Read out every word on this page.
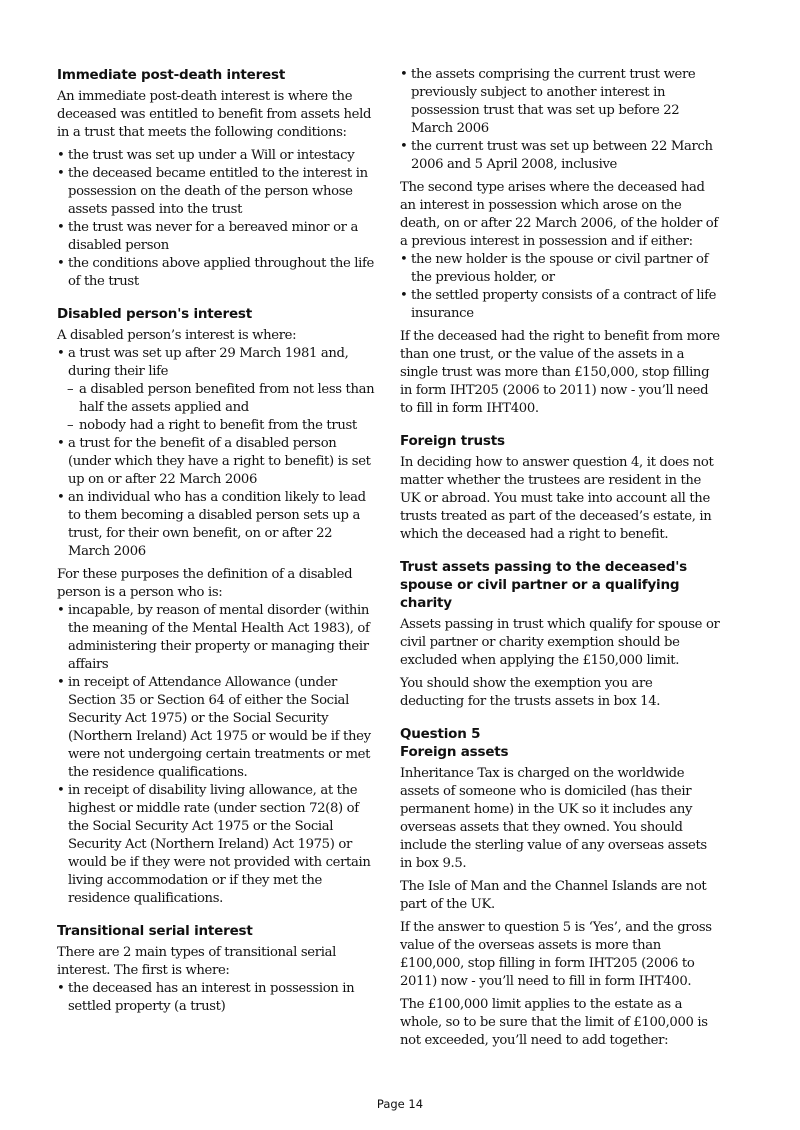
Immediate post-death interest

An immediate post-death interest is where the deceased was entitled to benefit from assets held in a trust that meets the following conditions:

• the trust was set up under a Will or intestacy
• the deceased became entitled to the interest in possession on the death of the person whose assets passed into the trust
• the trust was never for a bereaved minor or a disabled person
• the conditions above applied throughout the life of the trust
Disabled person's interest

A disabled person’s interest is where:

• a trust was set up after 29 March 1981 and, during their life
– a disabled person benefited from not less than half the assets applied and
– nobody had a right to benefit from the trust
• a trust for the benefit of a disabled person (under which they have a right to benefit) is set up on or after 22 March 2006
• an individual who has a condition likely to lead to them becoming a disabled person sets up a trust, for their own benefit, on or after 22 March 2006

For these purposes the definition of a disabled person is a person who is:

• incapable, by reason of mental disorder (within the meaning of the Mental Health Act 1983), of administering their property or managing their affairs
• in receipt of Attendance Allowance (under Section 35 or Section 64 of either the Social Security Act 1975) or the Social Security (Northern Ireland) Act 1975 or would be if they were not undergoing certain treatments or met the residence qualifications.
• in receipt of disability living allowance, at the highest or middle rate (under section 72(8) of the Social Security Act 1975 or the Social Security Act (Northern Ireland) Act 1975) or would be if they were not provided with certain living accommodation or if they met the residence qualifications.
Transitional serial interest

There are 2 main types of transitional serial interest. The first is where:

• the deceased has an interest in possession in settled property (a trust)
• the assets comprising the current trust were previously subject to another interest in possession trust that was set up before 22 March 2006
• the current trust was set up between 22 March 2006 and 5 April 2008, inclusive

The second type arises where the deceased had an interest in possession which arose on the death, on or after 22 March 2006, of the holder of a previous interest in possession and if either:

• the new holder is the spouse or civil partner of the previous holder, or
• the settled property consists of a contract of life insurance

If the deceased had the right to benefit from more than one trust, or the value of the assets in a single trust was more than £150,000, stop filling in form IHT205 (2006 to 2011) now - you’ll need to fill in form IHT400.

Foreign trusts

In deciding how to answer question 4, it does not matter whether the trustees are resident in the UK or abroad. You must take into account all the trusts treated as part of the deceased’s estate, in which the deceased had a right to benefit.

Trust assets passing to the deceased's spouse or civil partner or a qualifying charity

Assets passing in trust which qualify for spouse or civil partner or charity exemption should be excluded when applying the £150,000 limit.

You should show the exemption you are deducting for the trusts assets in box 14.

Question 5
Foreign assets

Inheritance Tax is charged on the worldwide assets of someone who is domiciled (has their permanent home) in the UK so it includes any overseas assets that they owned. You should include the sterling value of any overseas assets in box 9.5.

The Isle of Man and the Channel Islands are not part of the UK.

If the answer to question 5 is ‘Yes’, and the gross value of the overseas assets is more than £100,000, stop filling in form IHT205 (2006 to 2011) now - you’ll need to fill in form IHT400.

The £100,000 limit applies to the estate as a whole, so to be sure that the limit of £100,000 is not exceeded, you’ll need to add together:

Page 14
